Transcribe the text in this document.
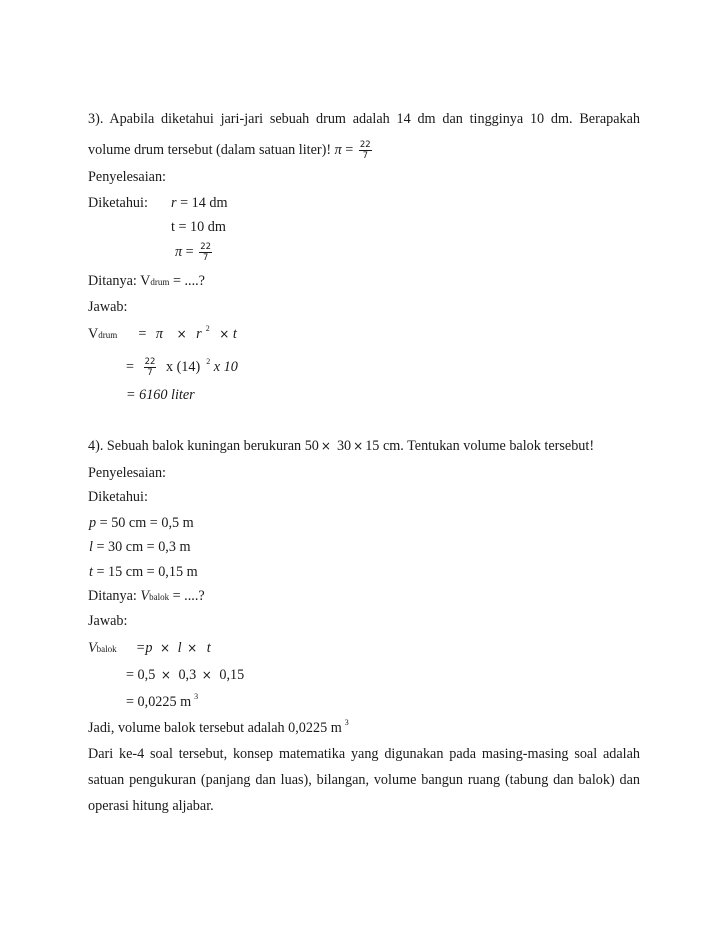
3). Apabila diketahui jari-jari sebuah drum adalah 14 dm dan tingginya 10 dm. Berapakah
volume drum tersebut (dalam satuan liter)! $\pi = \frac{22}{7}$
Penyelesaian:
Diketahui: r = 14 dm
t = 10 dm
$\pi = \frac{22}{7}$
Ditanya: Vdrum = ....?
Jawab:
Vdrum = π × r $^2$ × t
= $\frac{22}{7}$ x (14) $^2$ x 10
= 6160 liter
4). Sebuah balok kuningan berukuran 50 × 30 × 15 cm. Tentukan volume balok tersebut!
Penyelesaian:
Diketahui:
p = 50 cm = 0,5 m
l = 30 cm = 0,3 m
t = 15 cm = 0,15 m
Ditanya: Vbalok = ....?
Jawab:
Vbalok =p × l × t
= 0,5 × 0,3 × 0,15
= 0,0225 m $^3$
Jadi, volume balok tersebut adalah 0,0225 m $^3$
Dari ke-4 soal tersebut, konsep matematika yang digunakan pada masing-masing soal adalah
satuan pengukuran (panjang dan luas), bilangan, volume bangun ruang (tabung dan balok) dan
operasi hitung aljabar.
